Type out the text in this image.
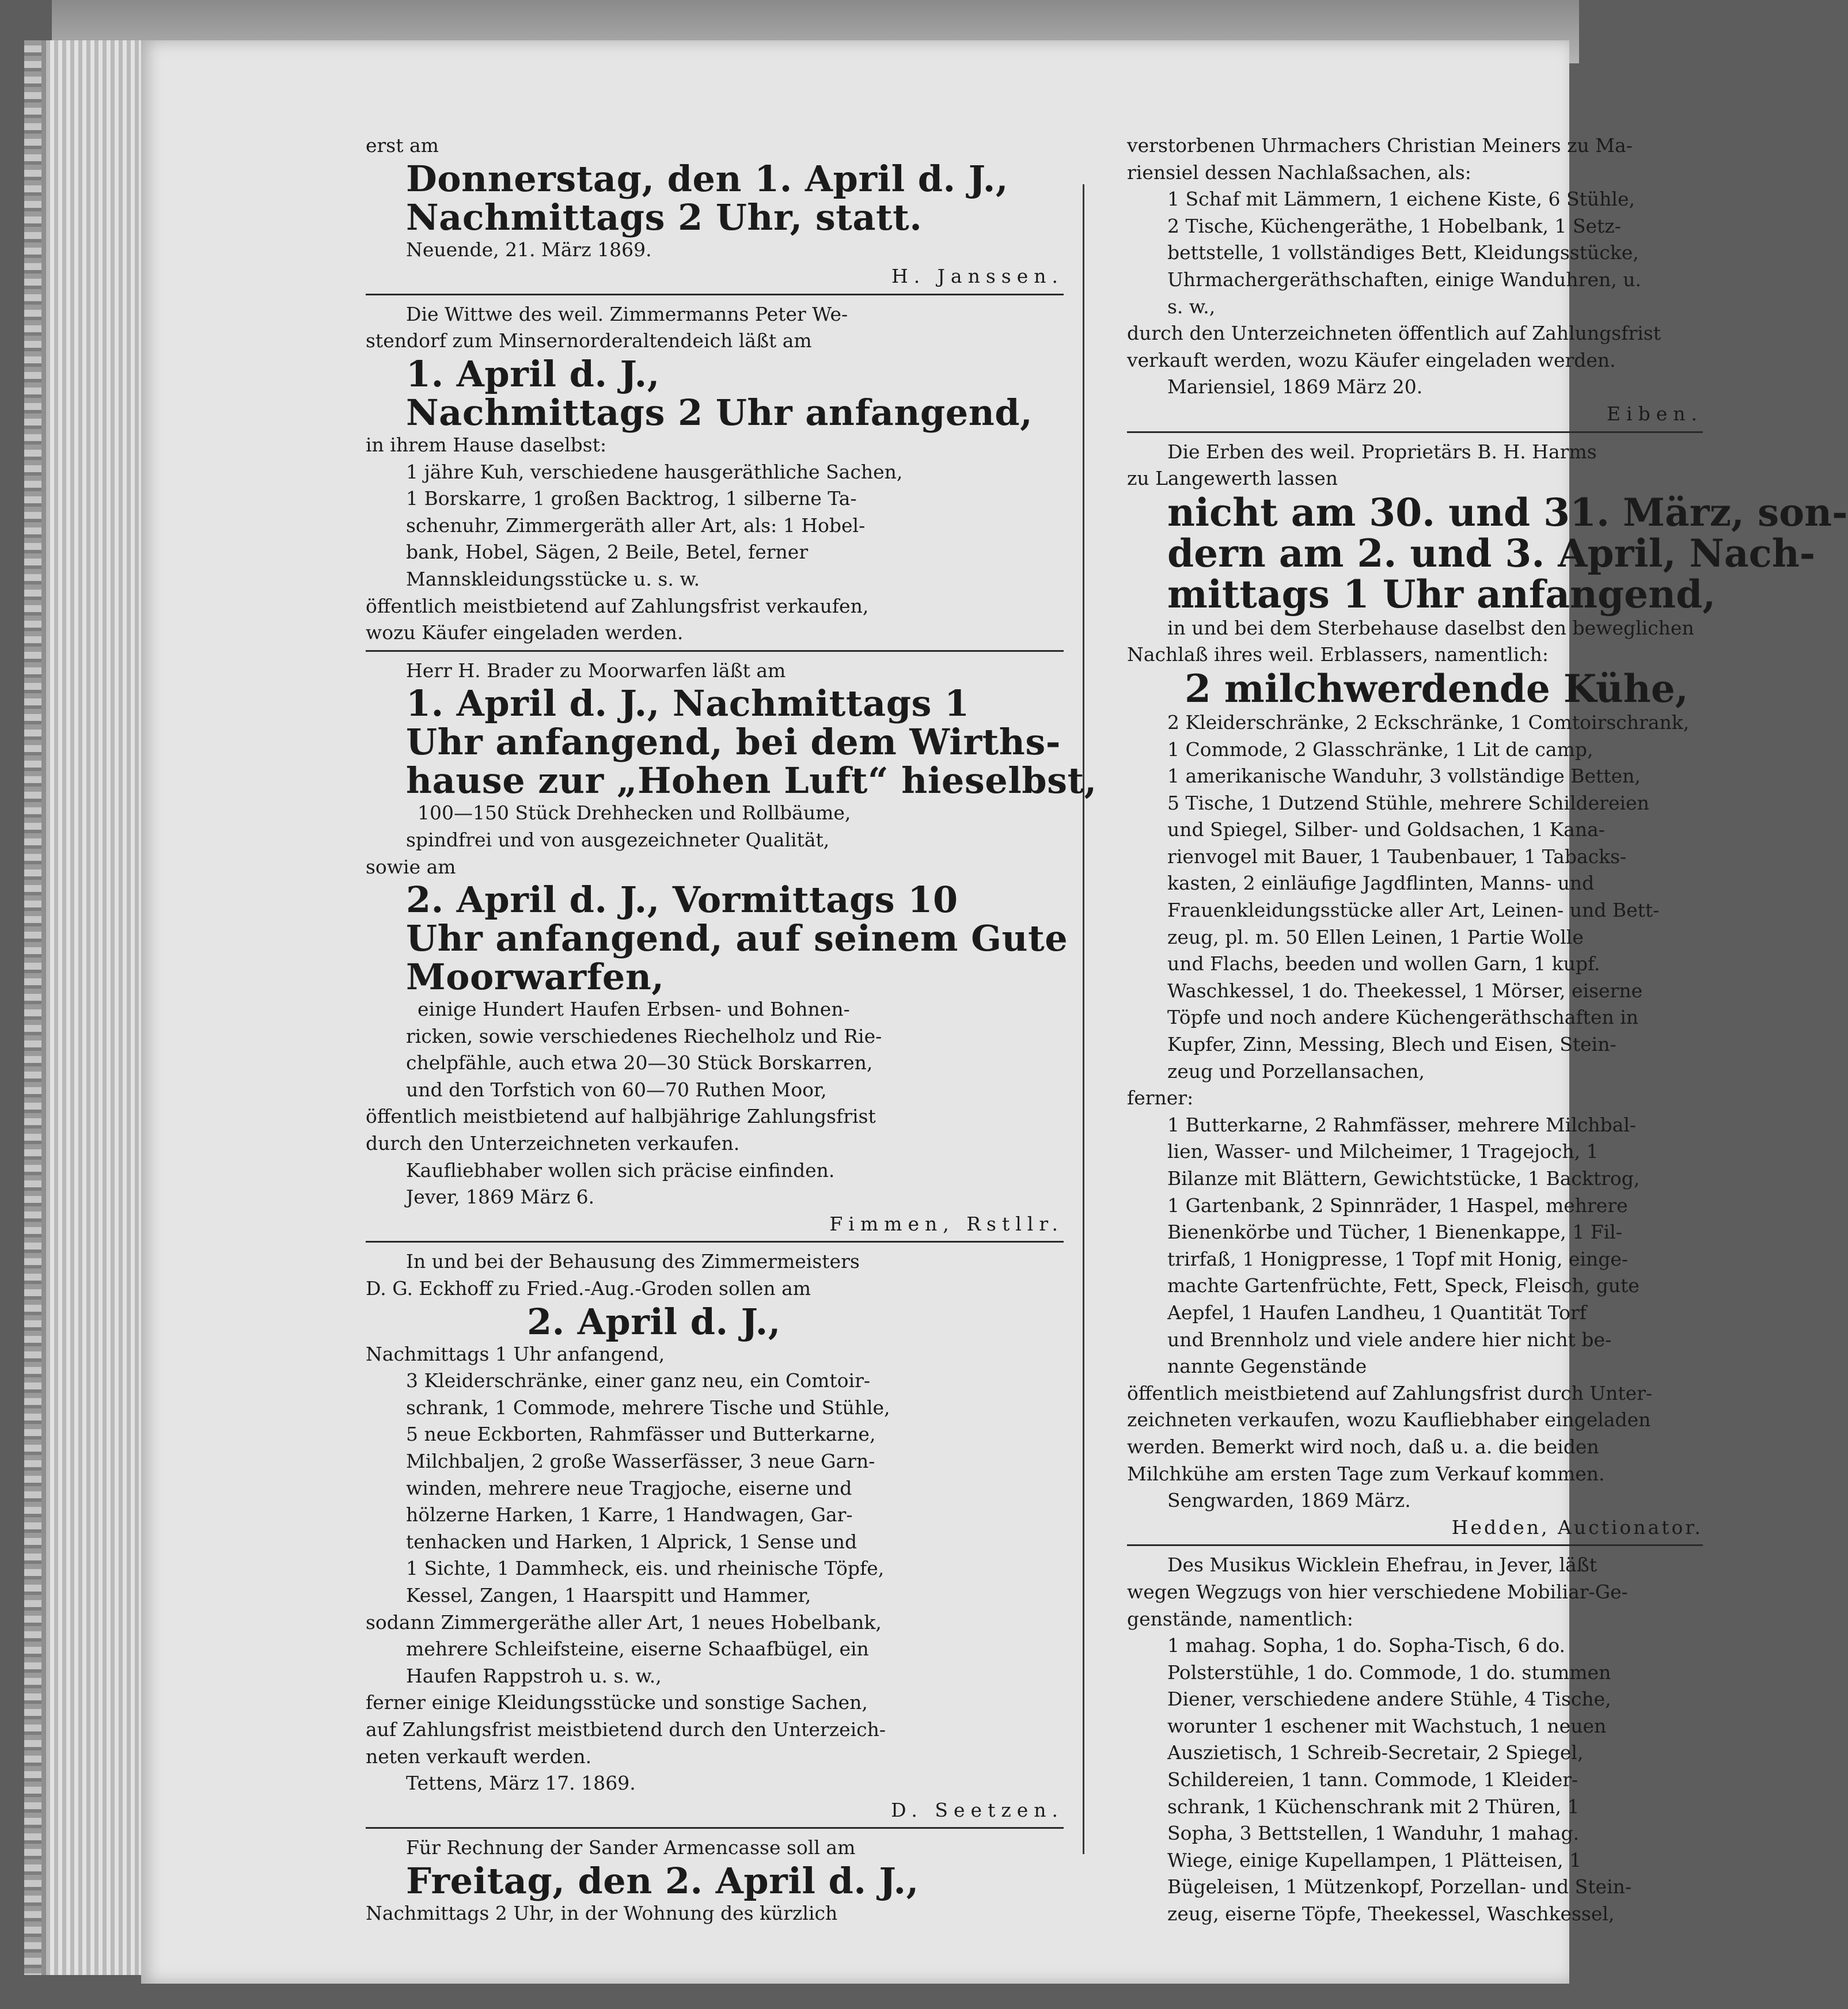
erst am
Donnerstag, den 1. April d. J.,
Nachmittags 2 Uhr, statt.
Neuende, 21. März 1869.
H. Janssen.
Die Wittwe des weil. Zimmermanns Peter We-
stendorf zum Minsernorderaltendeich läßt am
1. April d. J.,
Nachmittags 2 Uhr anfangend,
in ihrem Hause daselbst:
1 jähre Kuh, verschiedene hausgeräthliche Sachen,
1 Borskarre, 1 großen Backtrog, 1 silberne Ta-
schenuhr, Zimmergeräth aller Art, als: 1 Hobel-
bank, Hobel, Sägen, 2 Beile, Betel, ferner
Mannskleidungsstücke u. s. w.
öffentlich meistbietend auf Zahlungsfrist verkaufen,
wozu Käufer eingeladen werden.
Herr H. Brader zu Moorwarfen läßt am
1. April d. J., Nachmittags 1
Uhr anfangend, bei dem Wirths-
hause zur „Hohen Luft“ hieselbst,
100—150 Stück Drehhecken und Rollbäume,
spindfrei und von ausgezeichneter Qualität,
sowie am
2. April d. J., Vormittags 10
Uhr anfangend, auf seinem Gute
Moorwarfen,
einige Hundert Haufen Erbsen- und Bohnen-
ricken, sowie verschiedenes Riechelholz und Rie-
chelpfähle, auch etwa 20—30 Stück Borskarren,
und den Torfstich von 60—70 Ruthen Moor,
öffentlich meistbietend auf halbjährige Zahlungsfrist
durch den Unterzeichneten verkaufen.
Kaufliebhaber wollen sich präcise einfinden.
Jever, 1869 März 6.
Fimmen, Rstllr.
In und bei der Behausung des Zimmermeisters
D. G. Eckhoff zu Fried.-Aug.-Groden sollen am
2. April d. J.,
Nachmittags 1 Uhr anfangend,
3 Kleiderschränke, einer ganz neu, ein Comtoir-
schrank, 1 Commode, mehrere Tische und Stühle,
5 neue Eckborten, Rahmfässer und Butterkarne,
Milchbaljen, 2 große Wasserfässer, 3 neue Garn-
winden, mehrere neue Tragjoche, eiserne und
hölzerne Harken, 1 Karre, 1 Handwagen, Gar-
tenhacken und Harken, 1 Alprick, 1 Sense und
1 Sichte, 1 Dammheck, eis. und rheinische Töpfe,
Kessel, Zangen, 1 Haarspitt und Hammer,
sodann Zimmergeräthe aller Art, 1 neues Hobelbank,
mehrere Schleifsteine, eiserne Schaafbügel, ein
Haufen Rappstroh u. s. w.,
ferner einige Kleidungsstücke und sonstige Sachen,
auf Zahlungsfrist meistbietend durch den Unterzeich-
neten verkauft werden.
Tettens, März 17. 1869.
D. Seetzen.
Für Rechnung der Sander Armencasse soll am
Freitag, den 2. April d. J.,
Nachmittags 2 Uhr, in der Wohnung des kürzlich
verstorbenen Uhrmachers Christian Meiners zu Ma-
riensiel dessen Nachlaßsachen, als:
1 Schaf mit Lämmern, 1 eichene Kiste, 6 Stühle,
2 Tische, Küchengeräthe, 1 Hobelbank, 1 Setz-
bettstelle, 1 vollständiges Bett, Kleidungsstücke,
Uhrmachergeräthschaften, einige Wanduhren, u.
s. w.,
durch den Unterzeichneten öffentlich auf Zahlungsfrist
verkauft werden, wozu Käufer eingeladen werden.
Mariensiel, 1869 März 20.
Eiben.
Die Erben des weil. Proprietärs B. H. Harms
zu Langewerth lassen
nicht am 30. und 31. März, son-
dern am 2. und 3. April, Nach-
mittags 1 Uhr anfangend,
in und bei dem Sterbehause daselbst den beweglichen
Nachlaß ihres weil. Erblassers, namentlich:
2 milchwerdende Kühe,
2 Kleiderschränke, 2 Eckschränke, 1 Comtoirschrank,
1 Commode, 2 Glasschränke, 1 Lit de camp,
1 amerikanische Wanduhr, 3 vollständige Betten,
5 Tische, 1 Dutzend Stühle, mehrere Schildereien
und Spiegel, Silber- und Goldsachen, 1 Kana-
rienvogel mit Bauer, 1 Taubenbauer, 1 Tabacks-
kasten, 2 einläufige Jagdflinten, Manns- und
Frauenkleidungsstücke aller Art, Leinen- und Bett-
zeug, pl. m. 50 Ellen Leinen, 1 Partie Wolle
und Flachs, beeden und wollen Garn, 1 kupf.
Waschkessel, 1 do. Theekessel, 1 Mörser, eiserne
Töpfe und noch andere Küchengeräthschaften in
Kupfer, Zinn, Messing, Blech und Eisen, Stein-
zeug und Porzellansachen,
ferner:
1 Butterkarne, 2 Rahmfässer, mehrere Milchbal-
lien, Wasser- und Milcheimer, 1 Tragejoch, 1
Bilanze mit Blättern, Gewichtstücke, 1 Backtrog,
1 Gartenbank, 2 Spinnräder, 1 Haspel, mehrere
Bienenkörbe und Tücher, 1 Bienenkappe, 1 Fil-
trirfaß, 1 Honigpresse, 1 Topf mit Honig, einge-
machte Gartenfrüchte, Fett, Speck, Fleisch, gute
Aepfel, 1 Haufen Landheu, 1 Quantität Torf
und Brennholz und viele andere hier nicht be-
nannte Gegenstände
öffentlich meistbietend auf Zahlungsfrist durch Unter-
zeichneten verkaufen, wozu Kaufliebhaber eingeladen
werden. Bemerkt wird noch, daß u. a. die beiden
Milchkühe am ersten Tage zum Verkauf kommen.
Sengwarden, 1869 März.
Hedden, Auctionator.
Des Musikus Wicklein Ehefrau, in Jever, läßt
wegen Wegzugs von hier verschiedene Mobiliar-Ge-
genstände, namentlich:
1 mahag. Sopha, 1 do. Sopha-Tisch, 6 do.
Polsterstühle, 1 do. Commode, 1 do. stummen
Diener, verschiedene andere Stühle, 4 Tische,
worunter 1 eschener mit Wachstuch, 1 neuen
Auszietisch, 1 Schreib-Secretair, 2 Spiegel,
Schildereien, 1 tann. Commode, 1 Kleider-
schrank, 1 Küchenschrank mit 2 Thüren, 1
Sopha, 3 Bettstellen, 1 Wanduhr, 1 mahag.
Wiege, einige Kupellampen, 1 Plätteisen, 1
Bügeleisen, 1 Mützenkopf, Porzellan- und Stein-
zeug, eiserne Töpfe, Theekessel, Waschkessel,
